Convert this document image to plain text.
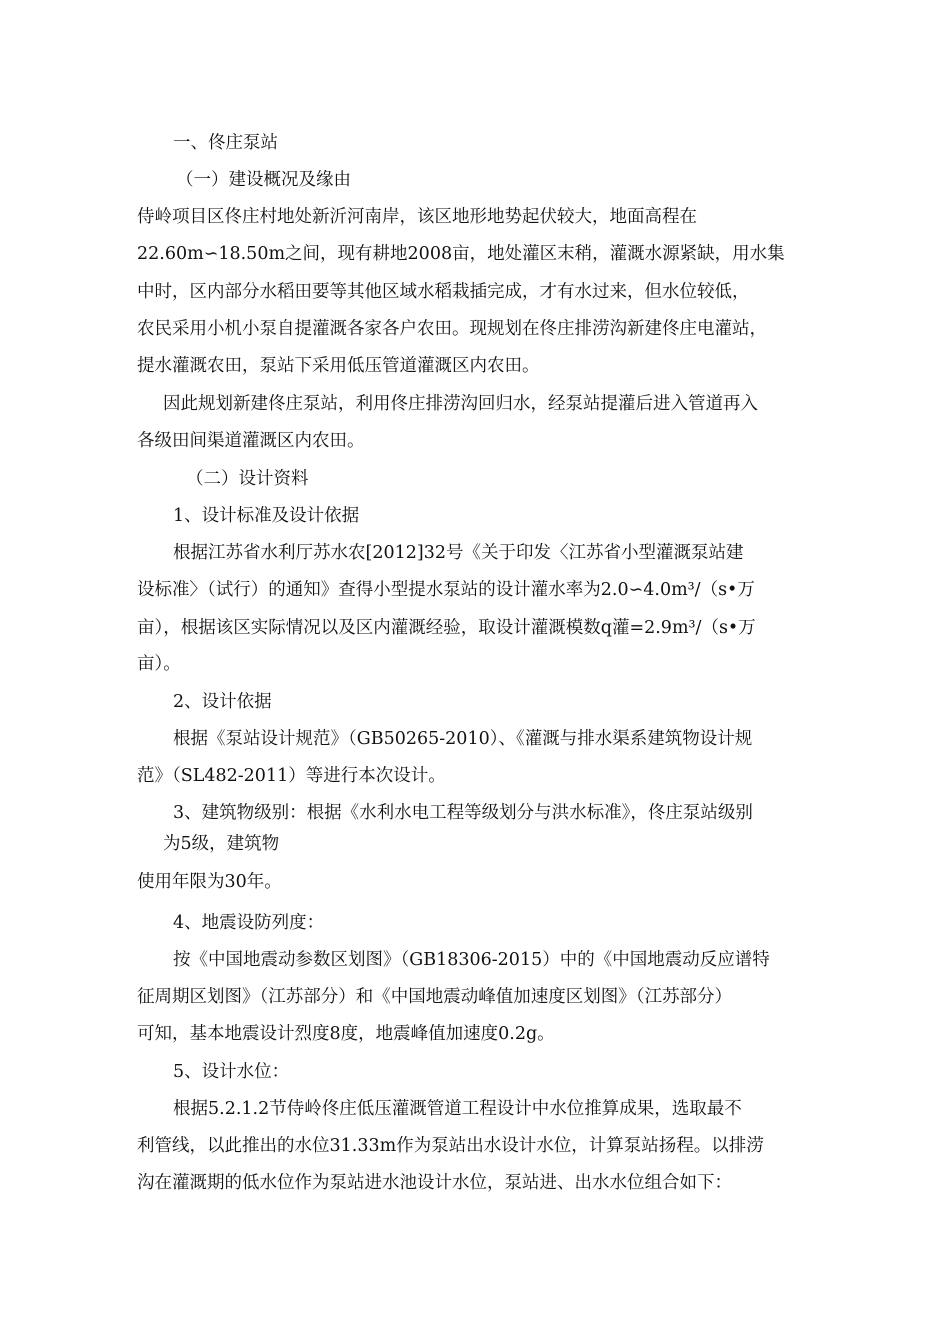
一、佟庄泵站
（一）建设概况及缘由
侍岭项目区佟庄村地处新沂河南岸，该区地形地势起伏较大，地面高程在
22.60m∽18.50m之间，现有耕地2008亩，地处灌区末稍，灌溉水源紧缺，用水集
中时，区内部分水稻田要等其他区域水稻栽插完成，才有水过来，但水位较低，
农民采用小机小泵自提灌溉各家各户农田。现规划在佟庄排涝沟新建佟庄电灌站，
提水灌溉农田，泵站下采用低压管道灌溉区内农田。
因此规划新建佟庄泵站，利用佟庄排涝沟回归水，经泵站提灌后进入管道再入
各级田间渠道灌溉区内农田。
（二）设计资料
1、设计标准及设计依据
根据江苏省水利厅苏水农[2012]32号《关于印发〈江苏省小型灌溉泵站建
设标准〉（试行）的通知》查得小型提水泵站的设计灌水率为2.0∽4.0m³/（s•万
亩），根据该区实际情况以及区内灌溉经验，取设计灌溉模数q灌=2.9m³/（s•万
亩）。
2、设计依据
根据《泵站设计规范》（GB50265-2010）、《灌溉与排水渠系建筑物设计规
范》（SL482-2011）等进行本次设计。
3、建筑物级别：根据《水利水电工程等级划分与洪水标准》，佟庄泵站级别
为5级，建筑物
使用年限为30年。
4、地震设防列度：
按《中国地震动参数区划图》（GB18306-2015）中的《中国地震动反应谱特
征周期区划图》（江苏部分）和《中国地震动峰值加速度区划图》（江苏部分）
可知，基本地震设计烈度8度，地震峰值加速度0.2g。
5、设计水位：
根据5.2.1.2节侍岭佟庄低压灌溉管道工程设计中水位推算成果，选取最不
利管线，以此推出的水位31.33m作为泵站出水设计水位，计算泵站扬程。以排涝
沟在灌溉期的低水位作为泵站进水池设计水位，泵站进、出水水位组合如下：
